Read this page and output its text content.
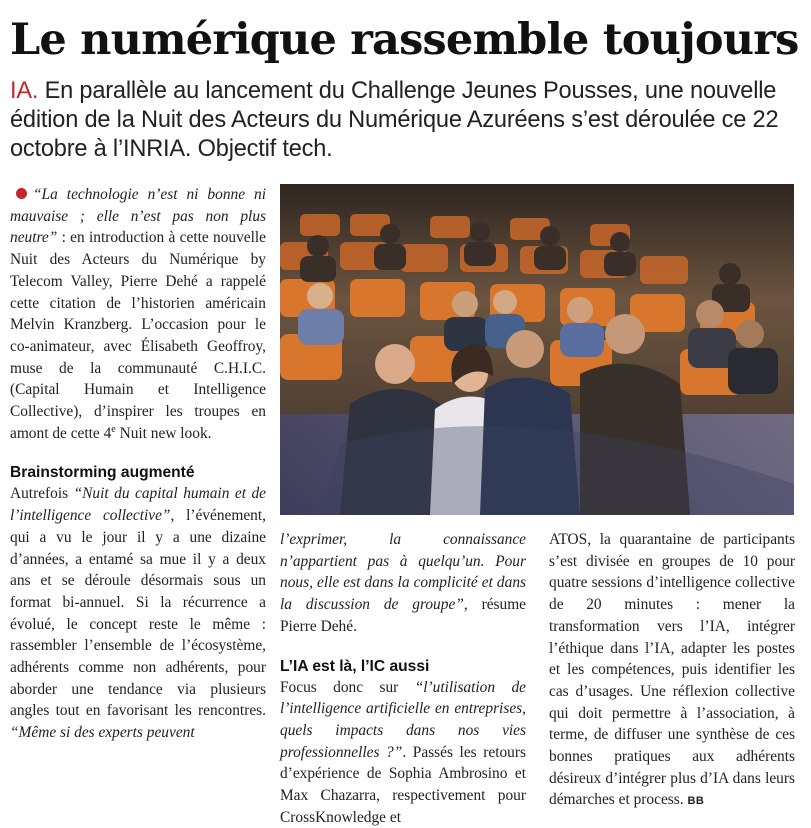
Le numérique rassemble toujours

IA. En parallèle au lancement du Challenge Jeunes Pousses, une nouvelle édition de la Nuit des Acteurs du Numérique Azuréens s’est déroulée ce 22 octobre à l’INRIA. Objectif tech.

“La technologie n’est ni bonne ni mauvaise ; elle n’est pas non plus neutre” : en introduction à cette nouvelle Nuit des Acteurs du Numérique by Telecom Valley, Pierre Dehé a rappelé cette citation de l’historien américain Melvin Kranzberg. L’occasion pour le co-animateur, avec Élisabeth Geoffroy, muse de la communauté C.H.I.C. (Capital Humain et Intelligence Collective), d’inspirer les troupes en amont de cette 4e Nuit new look.

Brainstorming augmenté

Autrefois “Nuit du capital humain et de l’intelligence collective”, l’événement, qui a vu le jour il y a une dizaine d’années, a entamé sa mue il y a deux ans et se déroule désormais sous un format bi-annuel. Si la récurrence a évolué, le concept reste le même : rassembler l’ensemble de l’écosystème, adhérents comme non adhérents, pour aborder une tendance via plusieurs angles tout en favorisant les rencontres. “Même si des experts peuvent

l’exprimer, la connaissance n’appartient pas à quelqu’un. Pour nous, elle est dans la complicité et dans la discussion de groupe”, résume Pierre Dehé.

L’IA est là, l’IC aussi

Focus donc sur “l’utilisation de l’intelligence artificielle en entreprises, quels impacts dans nos vies professionnelles ?”. Passés les retours d’expérience de Sophia Ambrosino et Max Chazarra, respectivement pour CrossKnowledge et

ATOS, la quarantaine de participants s’est divisée en groupes de 10 pour quatre sessions d’intelligence collective de 20 minutes : mener la transformation vers l’IA, intégrer l’éthique dans l’IA, adapter les postes et les compétences, puis identifier les cas d’usages. Une réflexion collective qui doit permettre à l’association, à terme, de diffuser une synthèse de ces bonnes pratiques aux adhérents désireux d’intégrer plus d’IA dans leurs démarches et process. BB
